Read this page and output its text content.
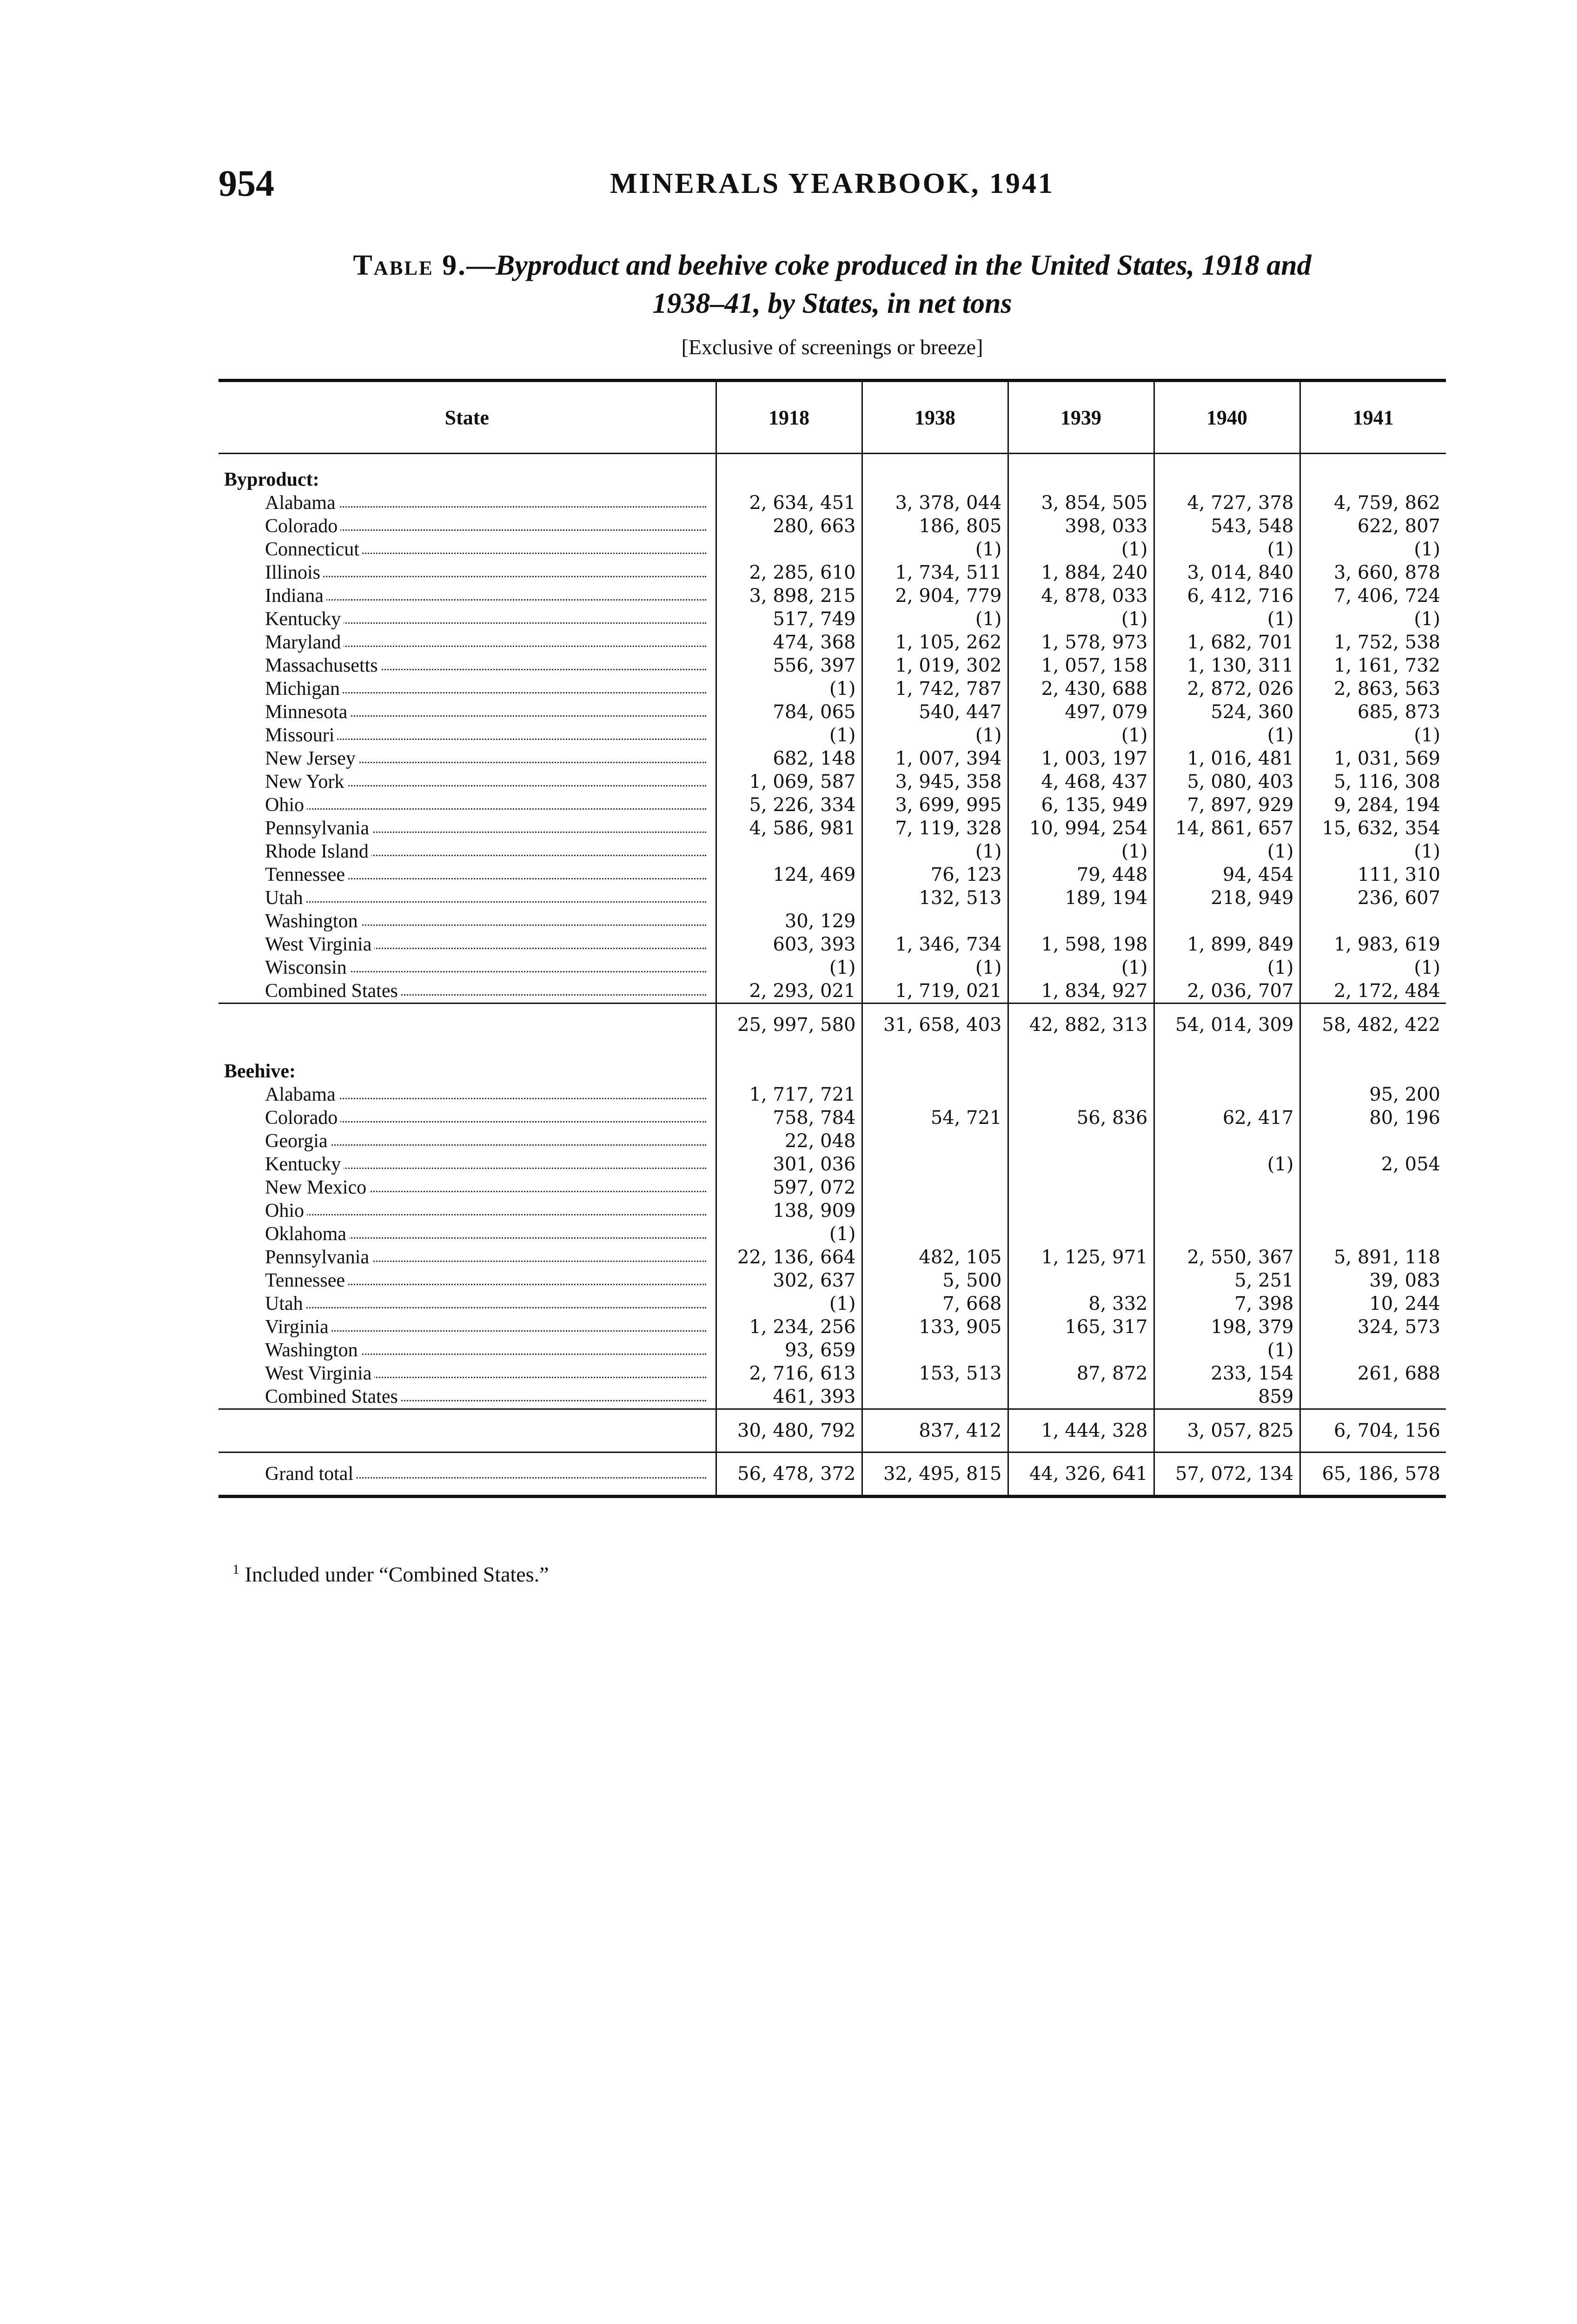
954	MINERALS YEARBOOK, 1941
Table 9.—Byproduct and beehive coke produced in the United States, 1918 and
1938–41, by States, in net tons
[Exclusive of screenings or breeze]
State	1918	1938	1939	1940	1941

Byproduct:					

Alabama	2, 634, 451	3, 378, 044	3, 854, 505	4, 727, 378	4, 759, 862

Colorado	280, 663	186, 805	398, 033	543, 548	622, 807

Connecticut		(1)	(1)	(1)	(1)

Illinois	2, 285, 610	1, 734, 511	1, 884, 240	3, 014, 840	3, 660, 878

Indiana	3, 898, 215	2, 904, 779	4, 878, 033	6, 412, 716	7, 406, 724

Kentucky	517, 749	(1)	(1)	(1)	(1)

Maryland	474, 368	1, 105, 262	1, 578, 973	1, 682, 701	1, 752, 538

Massachusetts	556, 397	1, 019, 302	1, 057, 158	1, 130, 311	1, 161, 732

Michigan	(1)	1, 742, 787	2, 430, 688	2, 872, 026	2, 863, 563

Minnesota	784, 065	540, 447	497, 079	524, 360	685, 873

Missouri	(1)	(1)	(1)	(1)	(1)

New Jersey	682, 148	1, 007, 394	1, 003, 197	1, 016, 481	1, 031, 569

New York	1, 069, 587	3, 945, 358	4, 468, 437	5, 080, 403	5, 116, 308

Ohio	5, 226, 334	3, 699, 995	6, 135, 949	7, 897, 929	9, 284, 194

Pennsylvania	4, 586, 981	7, 119, 328	10, 994, 254	14, 861, 657	15, 632, 354

Rhode Island		(1)	(1)	(1)	(1)

Tennessee	124, 469	76, 123	79, 448	94, 454	111, 310

Utah		132, 513	189, 194	218, 949	236, 607

Washington	30, 129				

West Virginia	603, 393	1, 346, 734	1, 598, 198	1, 899, 849	1, 983, 619

Wisconsin	(1)	(1)	(1)	(1)	(1)

Combined States	2, 293, 021	1, 719, 021	1, 834, 927	2, 036, 707	2, 172, 484
	25, 997, 580	31, 658, 403	42, 882, 313	54, 014, 309	58, 482, 422

Beehive:					

Alabama	1, 717, 721				95, 200

Colorado	758, 784	54, 721	56, 836	62, 417	80, 196

Georgia	22, 048				

Kentucky	301, 036			(1)	2, 054

New Mexico	597, 072				

Ohio	138, 909				

Oklahoma	(1)				

Pennsylvania	22, 136, 664	482, 105	1, 125, 971	2, 550, 367	5, 891, 118

Tennessee	302, 637	5, 500		5, 251	39, 083

Utah	(1)	7, 668	8, 332	7, 398	10, 244

Virginia	1, 234, 256	133, 905	165, 317	198, 379	324, 573

Washington	93, 659			(1)	

West Virginia	2, 716, 613	153, 513	87, 872	233, 154	261, 688

Combined States	461, 393			859	
	30, 480, 792	837, 412	1, 444, 328	3, 057, 825	6, 704, 156

Grand total	56, 478, 372	32, 495, 815	44, 326, 641	57, 072, 134	65, 186, 578
$^1$ Included under “Combined States.”
